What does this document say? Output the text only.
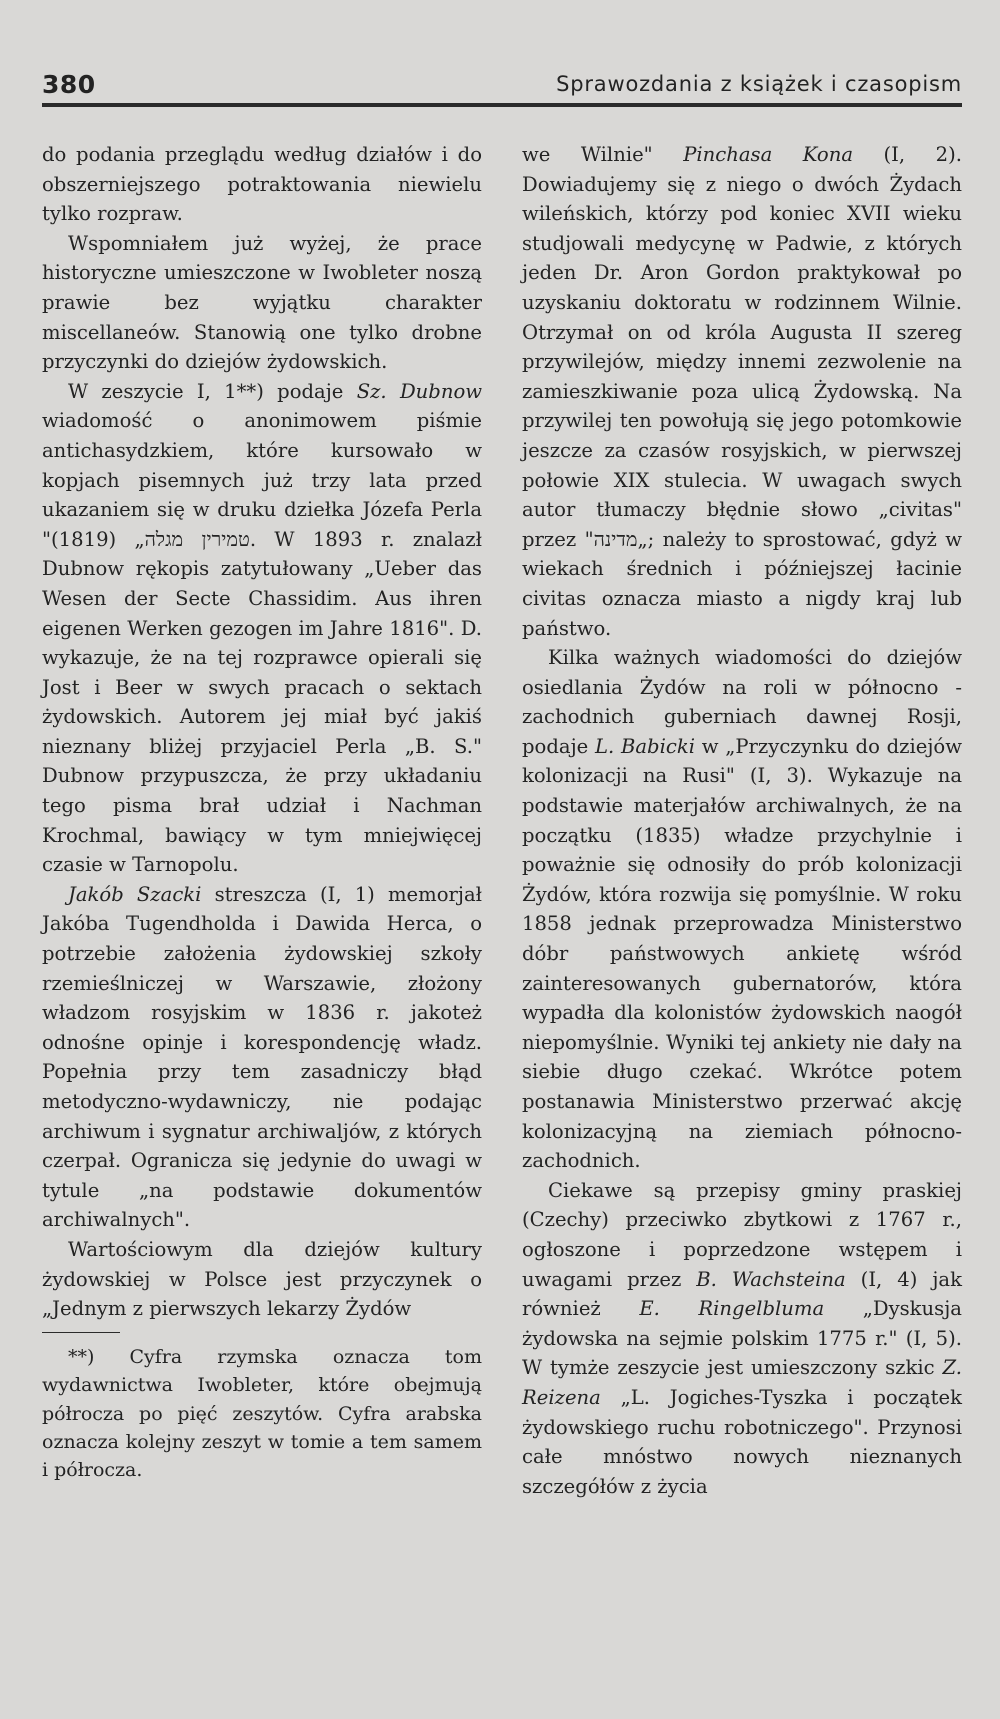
380	Sprawozdania z książek i czasopism

do podania przeglądu według działów i do obszerniejszego potraktowania niewielu tylko rozpraw.

Wspomniałem już wyżej, że prace historyczne umieszczone w Iwobleter noszą prawie bez wyjątku charakter miscellaneów. Stanowią one tylko drobne przyczynki do dziejów żydowskich.

W zeszycie I, 1**) podaje Sz. Dubnow wiadomość o anonimowem piśmie antichasydzkiem, które kursowało w kopjach pisemnych już trzy lata przed ukazaniem się w druku dziełka Józefa Perla "טמירין מגלה„ (1819). W 1893 r. znalazł Dubnow rękopis zatytułowany „Ueber das Wesen der Secte Chassidim. Aus ihren eigenen Werken gezogen im Jahre 1816". D. wykazuje, że na tej rozprawce opierali się Jost i Beer w swych pracach o sektach żydowskich. Autorem jej miał być jakiś nieznany bliżej przyjaciel Perla „B. S." Dubnow przypuszcza, że przy układaniu tego pisma brał udział i Nachman Krochmal, bawiący w tym mniejwięcej czasie w Tarnopolu.

Jakób Szacki streszcza (I, 1) memorjał Jakóba Tugendholda i Dawida Herca, o potrzebie założenia żydowskiej szkoły rzemieślniczej w Warszawie, złożony władzom rosyjskim w 1836 r. jakoteż odnośne opinje i korespondencję władz. Popełnia przy tem zasadniczy błąd metodyczno-wydawniczy, nie podając archiwum i sygnatur archiwaljów, z których czerpał. Ogranicza się jedynie do uwagi w tytule „na podstawie dokumentów archiwalnych".

Wartościowym dla dziejów kultury żydowskiej w Polsce jest przyczynek o „Jednym z pierwszych lekarzy Żydów

**) Cyfra rzymska oznacza tom wydawnictwa Iwobleter, które obejmują półrocza po pięć zeszytów. Cyfra arabska oznacza kolejny zeszyt w tomie a tem samem i półrocza.

we Wilnie" Pinchasa Kona (I, 2). Dowiadujemy się z niego o dwóch Żydach wileńskich, którzy pod koniec XVII wieku studjowali medycynę w Padwie, z których jeden Dr. Aron Gordon praktykował po uzyskaniu doktoratu w rodzinnem Wilnie. Otrzymał on od króla Augusta II szereg przywilejów, między innemi zezwolenie na zamieszkiwanie poza ulicą Żydowską. Na przywilej ten powołują się jego potomkowie jeszcze za czasów rosyjskich, w pierwszej połowie XIX stulecia. W uwagach swych autor tłumaczy błędnie słowo „civitas" przez "מדינה„; należy to sprostować, gdyż w wiekach średnich i późniejszej łacinie civitas oznacza miasto a nigdy kraj lub państwo.

Kilka ważnych wiadomości do dziejów osiedlania Żydów na roli w północno - zachodnich guberniach dawnej Rosji, podaje L. Babicki w „Przyczynku do dziejów kolonizacji na Rusi" (I, 3). Wykazuje na podstawie materjałów archiwalnych, że na początku (1835) władze przychylnie i poważnie się odnosiły do prób kolonizacji Żydów, która rozwija się pomyślnie. W roku 1858 jednak przeprowadza Ministerstwo dóbr państwowych ankietę wśród zainteresowanych gubernatorów, która wypadła dla kolonistów żydowskich naogół niepomyślnie. Wyniki tej ankiety nie dały na siebie długo czekać. Wkrótce potem postanawia Ministerstwo przerwać akcję kolonizacyjną na ziemiach północno-zachodnich.

Ciekawe są przepisy gminy praskiej (Czechy) przeciwko zbytkowi z 1767 r., ogłoszone i poprzedzone wstępem i uwagami przez B. Wachsteina (I, 4) jak również E. Ringelbluma „Dyskusja żydowska na sejmie polskim 1775 r." (I, 5). W tymże zeszycie jest umieszczony szkic Z. Reizena „L. Jogiches-Tyszka i początek żydowskiego ruchu robotniczego". Przynosi całe mnóstwo nowych nieznanych szczegółów z życia
